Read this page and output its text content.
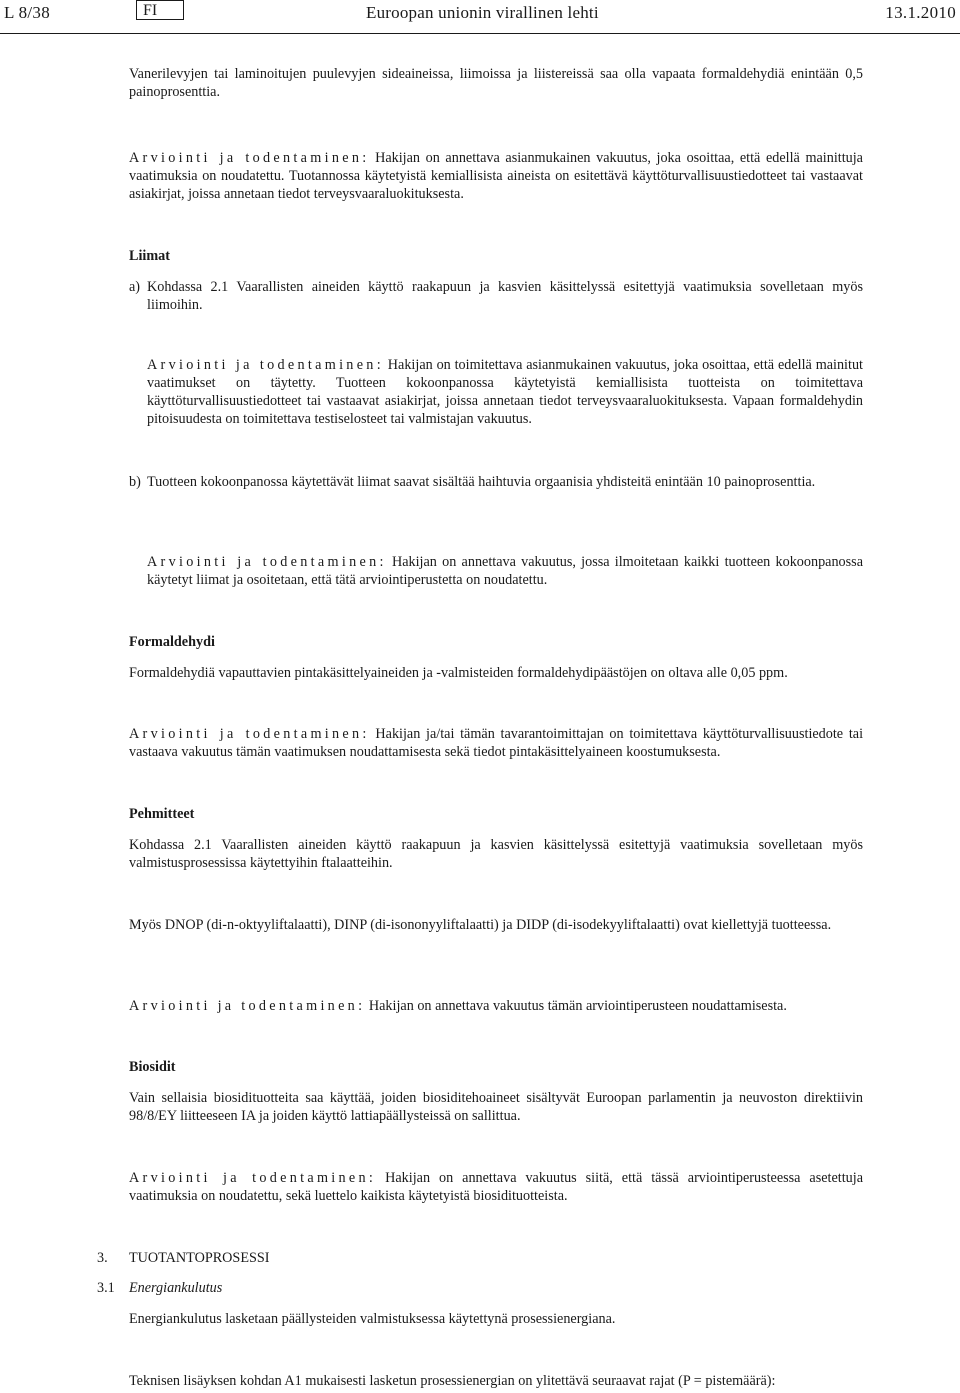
L 8/38	FI	Euroopan unionin virallinen lehti	13.1.2010
Vanerilevyjen tai laminoitujen puulevyjen sideaineissa, liimoissa ja liistereissä saa olla vapaata formaldehydiä enintään 0,5 painoprosenttia.
Arviointi ja todentaminen: Hakijan on annettava asianmukainen vakuutus, joka osoittaa, että edellä mainittuja vaatimuksia on noudatettu. Tuotannossa käytetyistä kemiallisista aineista on esitettävä käyttöturvallisuustiedotteet tai vastaavat asiakirjat, joissa annetaan tiedot terveysvaaraluokituksesta.
Liimat
a) Kohdassa 2.1 Vaarallisten aineiden käyttö raakapuun ja kasvien käsittelyssä esitettyjä vaatimuksia sovelletaan myös liimoihin.
Arviointi ja todentaminen: Hakijan on toimitettava asianmukainen vakuutus, joka osoittaa, että edellä mainitut vaatimukset on täytetty. Tuotteen kokoonpanossa käytetyistä kemiallisista tuotteista on toimitettava käyttöturvallisuustiedotteet tai vastaavat asiakirjat, joissa annetaan tiedot terveysvaaraluokituksesta. Vapaan formaldehydin pitoisuudesta on toimitettava testiselosteet tai valmistajan vakuutus.
b) Tuotteen kokoonpanossa käytettävät liimat saavat sisältää haihtuvia orgaanisia yhdisteitä enintään 10 painoprosenttia.
Arviointi ja todentaminen: Hakijan on annettava vakuutus, jossa ilmoitetaan kaikki tuotteen kokoonpanossa käytetyt liimat ja osoitetaan, että tätä arviointiperustetta on noudatettu.
Formaldehydi
Formaldehydiä vapauttavien pintakäsittelyaineiden ja -valmisteiden formaldehydipäästöjen on oltava alle 0,05 ppm.
Arviointi ja todentaminen: Hakijan ja/tai tämän tavarantoimittajan on toimitettava käyttöturvallisuustiedote tai vastaava vakuutus tämän vaatimuksen noudattamisesta sekä tiedot pintakäsittelyaineen koostumuksesta.
Pehmitteet
Kohdassa 2.1 Vaarallisten aineiden käyttö raakapuun ja kasvien käsittelyssä esitettyjä vaatimuksia sovelletaan myös valmistusprosessissa käytettyihin ftalaatteihin.
Myös DNOP (di-n-oktyyliftalaatti), DINP (di-isononyyliftalaatti) ja DIDP (di-isodekyyliftalaatti) ovat kiellettyjä tuotteessa.
Arviointi ja todentaminen: Hakijan on annettava vakuutus tämän arviointiperusteen noudattamisesta.
Biosidit
Vain sellaisia biosidituotteita saa käyttää, joiden biosiditehoaineet sisältyvät Euroopan parlamentin ja neuvoston direktiivin 98/8/EY liitteeseen IA ja joiden käyttö lattiapäällysteissä on sallittua.
Arviointi ja todentaminen: Hakijan on annettava vakuutus siitä, että tässä arviointiperusteessa asetettuja vaatimuksia on noudatettu, sekä luettelo kaikista käytetyistä biosidituotteista.
3. TUOTANTOPROSESSI
3.1 Energiankulutus
Energiankulutus lasketaan päällysteiden valmistuksessa käytettynä prosessienergiana.
Teknisen lisäyksen kohdan A1 mukaisesti lasketun prosessienergian on ylitettävä seuraavat rajat (P = pistemäärä):
